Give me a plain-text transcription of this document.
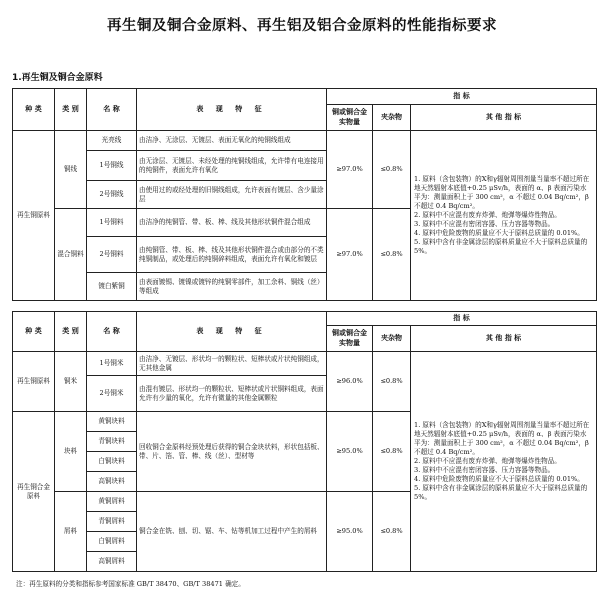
再生铜及铜合金原料、再生铝及铝合金原料的性能指标要求
1.再生铜及铜合金原料
种 类	类 别	名 称	表 现 特 征	指 标		
				铜或铜合金实物量	夹杂物	其 他 指 标
再生铜原料	铜线	光亮线	由洁净、无涂层、无镀层、表面无氧化的纯铜线组成	≥97.0%	≤0.8%	1. 原料（含包装物）的X和γ辐射周围剂量当量率不超过所在地天然辐射本底值+0.25 μSv/h，表面的 α、β 表面污染水平为：测量面积上于 300 cm²，α 不超过 0.04 Bq/cm²，β 不超过 0.4 Bq/cm²。
2. 原料中不应混有废弃炸弹、炮弹等爆炸性物品。
3. 原料中不应混有密闭容器、压力容器等物品。
4. 原料中危险废物的质量应不大于原料总质量的 0.01%。
5. 原料中含有非金属涂层的原料质量应不大于原料总质量的 5%。

		1号铜线	由无涂层、无镀层、未经处理的纯铜线组成，允许带有电连接用的纯铜件，表面允许有氧化			
		2号铜线	由使用过的或经处理的旧铜线组成，允许表面有镀层、含少量涂层			
	混合铜料	1号铜料	由洁净的纯铜管、带、板、棒、线及其他形状铜件混合组成	≥97.0%	≤0.8%	
		2号铜料	由纯铜管、带、板、棒、线及其他形状铜件混合或由部分的不类纯铜制品，或处理后的纯铜碎料组成，表面允许有氧化和镀层			
		镀白紫铜	由表面镀锡、镀镍或镀锌的纯铜零部件，加工余料、铜线（丝）等组成			
种 类	类 别	名 称	表 现 特 征	指 标		
				铜或铜合金实物量	夹杂物	其 他 指 标
再生铜原料	铜米	1号铜米	由洁净、无镀层、形状均一的颗粒状、短棒状或片状纯铜组成，无其他金属	≥96.0%	≤0.8%	1. 原料（含包装物）的X和γ辐射周围剂量当量率不超过所在地天然辐射本底值+0.25 μSv/h，表面的 α、β 表面污染水平为：测量面积上于 300 cm²，α 不超过 0.04 Bq/cm²，β 不超过 0.4 Bq/cm²。
2. 原料中不应混有废弃炸弹、炮弹等爆炸性物品。
3. 原料中不应混有密闭容器、压力容器等物品。
4. 原料中危险废物的质量应不大于原料总质量的 0.01%。
5. 原料中含有非金属涂层的原料质量应不大于原料总质量的 5%。

		2号铜米	由混有镀层、形状均一的颗粒状、短棒状或片状铜料组成，表面允许有少量的氧化，允许有微量的其他金属颗粒			
再生铜合金原料	块料	黄铜块料	回收铜合金原料经预处理后获得的铜合金块状料，形状包括板、带、片、箔、管、棒、线（丝）、型材等	≥95.0%	≤0.8%	
		青铜块料				
		白铜块料				
		高铜块料				
	屑料	黄铜屑料	铜合金在铣、刨、切、锯、车、钻等机加工过程中产生的屑料	≥95.0%	≤0.8%	
		青铜屑料				
		白铜屑料				
		高铜屑料				
注：再生原料的分类和指标参考国家标准 GB/T 38470、GB/T 38471 确定。
